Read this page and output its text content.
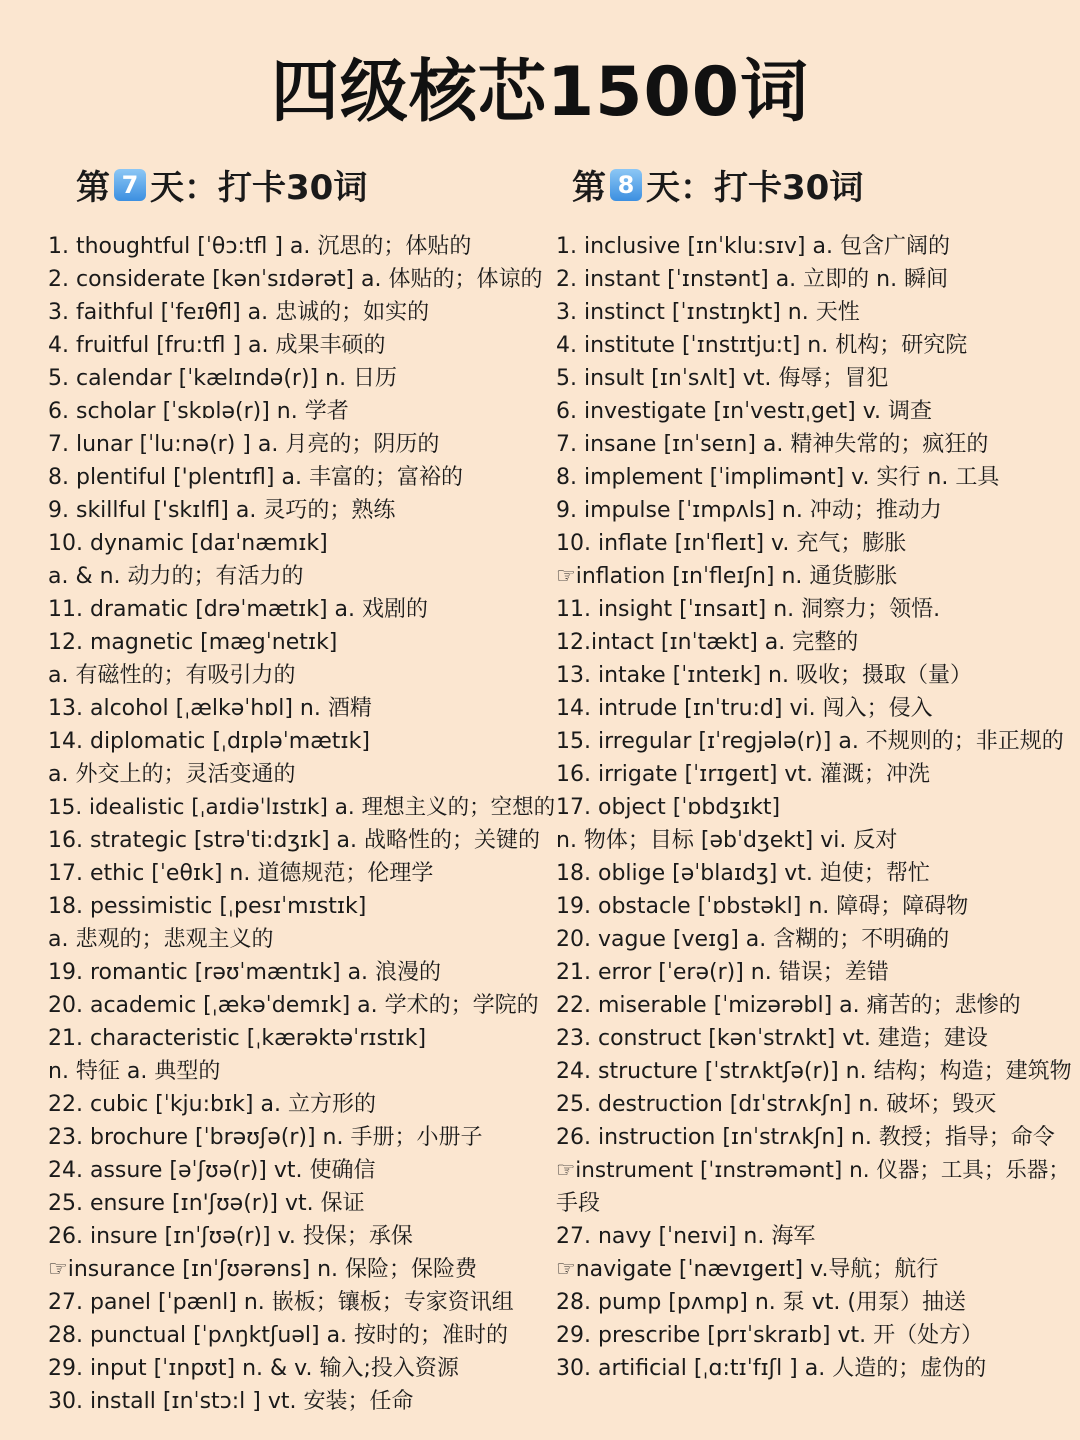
四级核芯1500词
第 7 天：打卡30词	第 8 天：打卡30词
1. thoughtful [ˈθɔ:tfl ] a. 沉思的；体贴的
2. considerate [kənˈsɪdərət] a. 体贴的；体谅的
3. faithful [ˈfeɪθfl] a. 忠诚的；如实的
4. fruitful [fru:tfl ] a. 成果丰硕的
5. calendar [ˈkælɪndə(r)] n. 日历
6. scholar [ˈskɒlə(r)] n. 学者
7. lunar [ˈlu:nə(r) ] a. 月亮的；阴历的
8. plentiful ['plentɪfl] a. 丰富的；富裕的
9. skillful ['skɪlfl] a. 灵巧的；熟练
10. dynamic [daɪˈnæmɪk]
a. & n. 动力的；有活力的
11. dramatic [drəˈmætɪk] a. 戏剧的
12. magnetic [mægˈnetɪk]
a. 有磁性的；有吸引力的
13. alcohol [ˌælkəˈhɒl] n. 酒精
14. diplomatic [ˌdɪpləˈmætɪk]
a. 外交上的；灵活变通的
15. idealistic [ˌaɪdiəˈlɪstɪk] a. 理想主义的；空想的
16. strategic [strəˈti:dʒɪk] a. 战略性的；关键的
17. ethic [ˈeθɪk] n. 道德规范；伦理学
18. pessimistic [ˌpesɪˈmɪstɪk]
a. 悲观的；悲观主义的
19. romantic [rəʊˈmæntɪk] a. 浪漫的
20. academic [ˌækəˈdemɪk] a. 学术的；学院的
21. characteristic [ˌkærəktəˈrɪstɪk]
n. 特征 a. 典型的
22. cubic [ˈkju:bɪk] a. 立方形的
23. brochure [ˈbrəʊʃə(r)] n. 手册；小册子
24. assure [əˈʃʊə(r)] vt. 使确信
25. ensure [ɪn'ʃʊə(r)] vt. 保证
26. insure [ɪnˈʃʊə(r)] v. 投保；承保
☞insurance [ɪnˈʃʊərəns] n. 保险；保险费
27. panel [ˈpænl] n. 嵌板；镶板；专家资讯组
28. punctual [ˈpʌŋktʃuəl] a. 按时的；准时的
29. input [ˈɪnpʊt] n. & v. 输入;投入资源
30. install [ɪnˈstɔ:l ] vt. 安装；任命
1. inclusive [ɪnˈklu:sɪv] a. 包含广阔的
2. instant [ˈɪnstənt] a. 立即的 n. 瞬间
3. instinct [ˈɪnstɪŋkt] n. 天性
4. institute [ˈɪnstɪtju:t] n. 机构；研究院
5. insult [ɪnˈsʌlt] vt. 侮辱；冒犯
6. investigate [ɪnˈvestɪˌget] v. 调查
7. insane [ɪnˈseɪn] a. 精神失常的；疯狂的
8. implement [ˈimplimənt] v. 实行 n. 工具
9. impulse [ˈɪmpʌls] n. 冲动；推动力
10. inflate [ɪnˈfleɪt] v. 充气；膨胀
☞inflation [ɪnˈfleɪʃn] n. 通货膨胀
11. insight [ˈɪnsaɪt] n. 洞察力；领悟.
12.intact [ɪnˈtækt] a. 完整的
13. intake [ˈɪnteɪk] n. 吸收；摄取（量）
14. intrude [ɪnˈtru:d] vi. 闯入；侵入
15. irregular [ɪˈregjələ(r)] a. 不规则的；非正规的
16. irrigate [ˈɪrɪgeɪt] vt. 灌溉；冲洗
17. object [ˈɒbdʒɪkt]
n. 物体；目标 [əbˈdʒekt] vi. 反对
18. oblige [əˈblaɪdʒ] vt. 迫使；帮忙
19. obstacle [ˈɒbstəkl] n. 障碍；障碍物
20. vague [veɪg] a. 含糊的；不明确的
21. error [ˈerə(r)] n. 错误；差错
22. miserable [ˈmizərəbl] a. 痛苦的；悲惨的
23. construct [kənˈstrʌkt] vt. 建造；建设
24. structure [ˈstrʌktʃə(r)] n. 结构；构造；建筑物
25. destruction [dɪˈstrʌkʃn] n. 破坏；毁灭
26. instruction [ɪnˈstrʌkʃn] n. 教授；指导；命令
☞instrument [ˈɪnstrəmənt] n. 仪器；工具；乐器；
手段
27. navy [ˈneɪvi] n. 海军
☞navigate [ˈnævɪgeɪt] v.导航；航行
28. pump [pʌmp] n. 泵 vt. (用泵）抽送
29. prescribe [prɪˈskraɪb] vt. 开（处方）
30. artificial [ˌɑ:tɪˈfɪʃl ] a. 人造的；虚伪的
